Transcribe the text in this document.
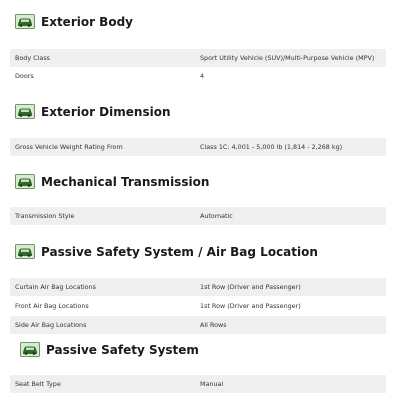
Exterior Body
Body Class	Sport Utility Vehicle (SUV)/Multi-Purpose Vehicle (MPV)
Doors	4
Exterior Dimension
Gross Vehicle Weight Rating From	Class 1C: 4,001 - 5,000 lb (1,814 - 2,268 kg)
Mechanical Transmission
Transmission Style	Automatic
Passive Safety System / Air Bag Location
Curtain Air Bag Locations	1st Row (Driver and Passenger)
Front Air Bag Locations	1st Row (Driver and Passenger)
Side Air Bag Locations	All Rows
Passive Safety System
Seat Belt Type	Manual
